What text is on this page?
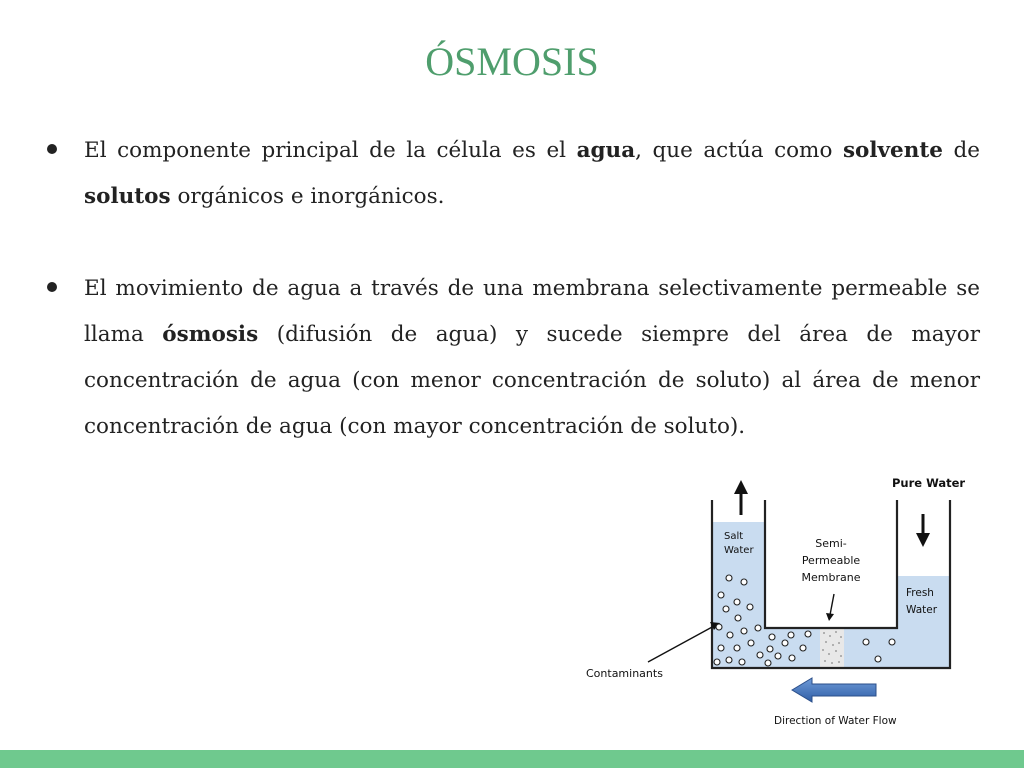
ÓSMOSIS
El componente principal de la célula es el agua, que actúa como solvente de solutos orgánicos e inorgánicos.
El movimiento de agua a través de una membrana selectivamente permeable se llama ósmosis (difusión de agua) y sucede siempre del área de mayor concentración de agua (con menor concentración de soluto) al área de menor concentración de agua (con mayor concentración de soluto).
Pure Water
Salt
Water
Semi-
Permeable
Membrane
Fresh
Water
Contaminants
Direction of Water Flow
